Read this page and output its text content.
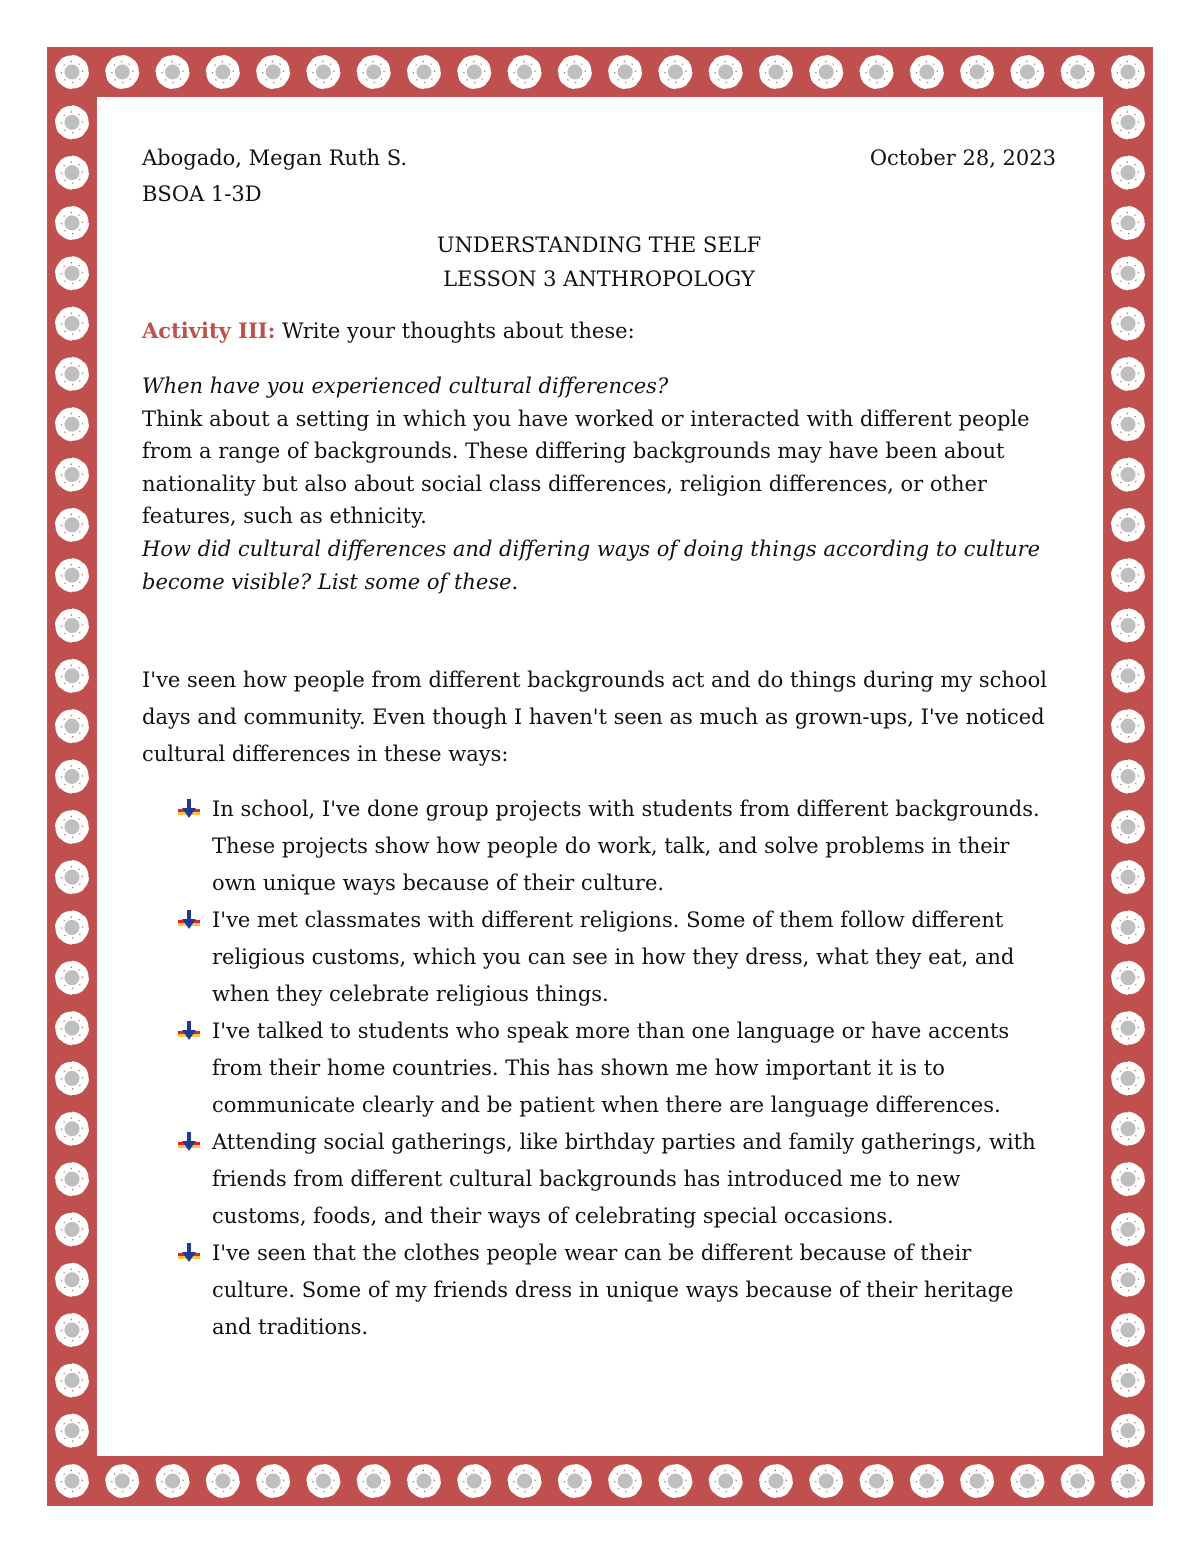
Abogado, Megan Ruth S.	October 28, 2023
BSOA 1-3D
UNDERSTANDING THE SELF
LESSON 3 ANTHROPOLOGY
Activity III: Write your thoughts about these:
When have you experienced cultural differences?
Think about a setting in which you have worked or interacted with different people from a range of backgrounds. These differing backgrounds may have been about nationality but also about social class differences, religion differences, or other features, such as ethnicity.
How did cultural differences and differing ways of doing things according to culture become visible? List some of these.
I've seen how people from different backgrounds act and do things during my school days and community. Even though I haven't seen as much as grown-ups, I've noticed cultural differences in these ways:
In school, I've done group projects with students from different backgrounds. These projects show how people do work, talk, and solve problems in their own unique ways because of their culture.
I've met classmates with different religions. Some of them follow different religious customs, which you can see in how they dress, what they eat, and when they celebrate religious things.
I've talked to students who speak more than one language or have accents from their home countries. This has shown me how important it is to communicate clearly and be patient when there are language differences.
Attending social gatherings, like birthday parties and family gatherings, with friends from different cultural backgrounds has introduced me to new customs, foods, and their ways of celebrating special occasions.
I've seen that the clothes people wear can be different because of their culture. Some of my friends dress in unique ways because of their heritage and traditions.
